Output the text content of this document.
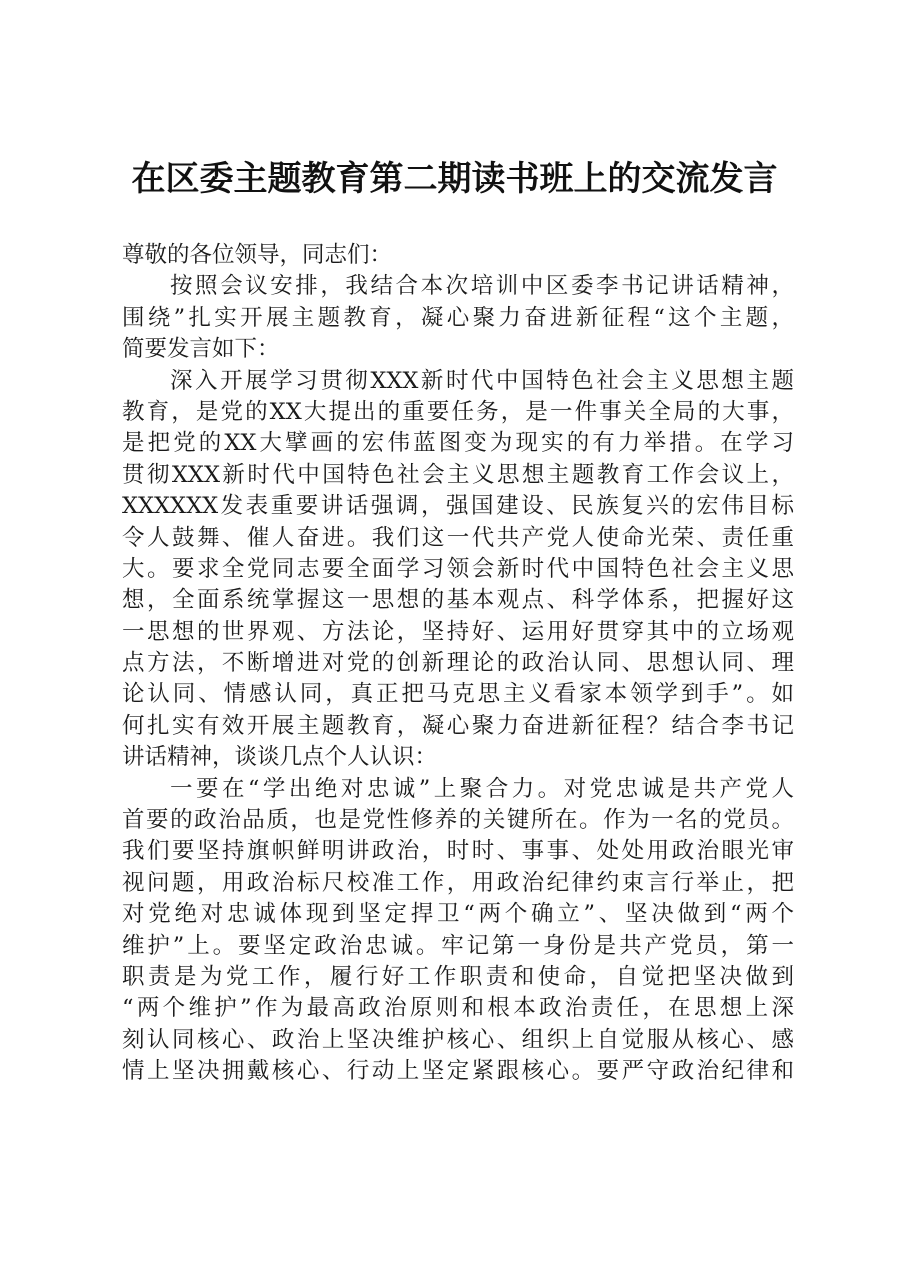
在区委主题教育第二期读书班上的交流发言
尊敬的各位领导，同志们：
按照会议安排，我结合本次培训中区委李书记讲话精神，
围绕”扎实开展主题教育，凝心聚力奋进新征程“这个主题，
简要发言如下：
深入开展学习贯彻XXX新时代中国特色社会主义思想主题
教育，是党的XX大提出的重要任务，是一件事关全局的大事，
是把党的XX大擘画的宏伟蓝图变为现实的有力举措。在学习
贯彻XXX新时代中国特色社会主义思想主题教育工作会议上，
XXXXXX发表重要讲话强调，强国建设、民族复兴的宏伟目标
令人鼓舞、催人奋进。我们这一代共产党人使命光荣、责任重
大。要求全党同志要全面学习领会新时代中国特色社会主义思
想，全面系统掌握这一思想的基本观点、科学体系，把握好这
一思想的世界观、方法论，坚持好、运用好贯穿其中的立场观
点方法，不断增进对党的创新理论的政治认同、思想认同、理
论认同、情感认同，真正把马克思主义看家本领学到手”。如
何扎实有效开展主题教育，凝心聚力奋进新征程？结合李书记
讲话精神，谈谈几点个人认识：
一要在“学出绝对忠诚”上聚合力。对党忠诚是共产党人
首要的政治品质，也是党性修养的关键所在。作为一名的党员。
我们要坚持旗帜鲜明讲政治，时时、事事、处处用政治眼光审
视问题，用政治标尺校准工作，用政治纪律约束言行举止，把
对党绝对忠诚体现到坚定捍卫“两个确立”、坚决做到“两个
维护”上。要坚定政治忠诚。牢记第一身份是共产党员，第一
职责是为党工作，履行好工作职责和使命，自觉把坚决做到
“两个维护”作为最高政治原则和根本政治责任，在思想上深
刻认同核心、政治上坚决维护核心、组织上自觉服从核心、感
情上坚决拥戴核心、行动上坚定紧跟核心。要严守政治纪律和
